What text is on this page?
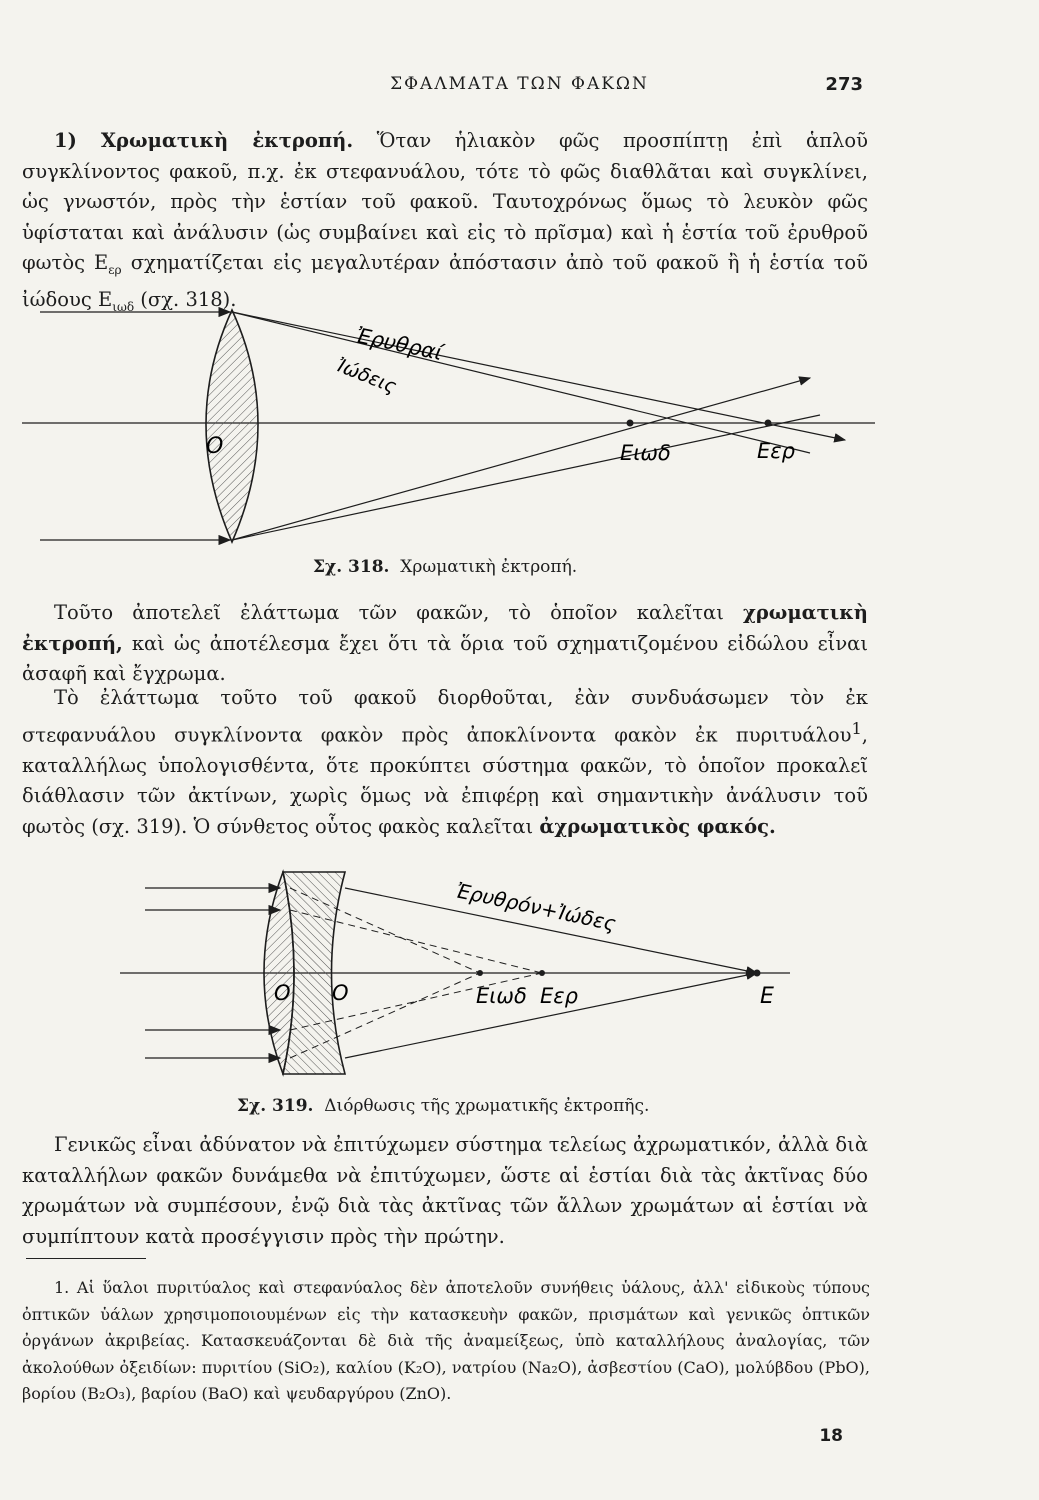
ΣΦΑΛΜΑΤΑ ΤΩΝ ΦΑΚΩΝ	273

1) Χρωματικὴ ἐκτροπή. Ὅταν ἡλιακὸν φῶς προσπίπτῃ ἐπὶ ἁπλοῦ συγκλίνοντος φακοῦ, π.χ. ἐκ στεφανυάλου, τότε τὸ φῶς διαθλᾶται καὶ συγκλίνει, ὡς γνωστόν, πρὸς τὴν ἑστίαν τοῦ φακοῦ. Ταυτοχρόνως ὅμως τὸ λευκὸν φῶς ὑφίσταται καὶ ἀνάλυσιν (ὡς συμβαίνει καὶ εἰς τὸ πρῖσμα) καὶ ἡ ἑστία τοῦ ἐρυθροῦ φωτὸς $E_{\varepsilon\rho}$ σχηματίζεται εἰς μεγαλυτέραν ἀπόστασιν ἀπὸ τοῦ φακοῦ ἢ ἡ ἑστία τοῦ ἰώδους $E_{\iota\omega\delta}$ (σχ. 318).

Ἐρυθραί
Ἰώδεις
O	Eιωδ	Eερ
Σχ. 318. Χρωματικὴ ἐκτροπή.

Τοῦτο ἀποτελεῖ ἐλάττωμα τῶν φακῶν, τὸ ὁποῖον καλεῖται χρωματικὴ ἐκτροπή, καὶ ὡς ἀποτέλεσμα ἔχει ὅτι τὰ ὅρια τοῦ σχηματιζομένου εἰδώλου εἶναι ἀσαφῆ καὶ ἔγχρωμα.

Τὸ ἐλάττωμα τοῦτο τοῦ φακοῦ διορθοῦται, ἐὰν συνδυάσωμεν τὸν ἐκ στεφανυάλου συγκλίνοντα φακὸν πρὸς ἀποκλίνοντα φακὸν ἐκ πυριτυάλου$^1$, καταλλήλως ὑπολογισθέντα, ὅτε προκύπτει σύστημα φακῶν, τὸ ὁποῖον προκαλεῖ διάθλασιν τῶν ἀκτίνων, χωρὶς ὅμως νὰ ἐπιφέρῃ καὶ σημαντικὴν ἀνάλυσιν τοῦ φωτὸς (σχ. 319). Ὁ σύνθετος οὗτος φακὸς καλεῖται ἀχρωματικὸς φακός.

Ἐρυθρόν+Ἰώδες
O O	Eιωδ Eερ	E
Σχ. 319. Διόρθωσις τῆς χρωματικῆς ἐκτροπῆς.

Γενικῶς εἶναι ἀδύνατον νὰ ἐπιτύχωμεν σύστημα τελείως ἀχρωματικόν, ἀλλὰ διὰ καταλλήλων φακῶν δυνάμεθα νὰ ἐπιτύχωμεν, ὥστε αἱ ἑστίαι διὰ τὰς ἀκτῖνας δύο χρωμάτων νὰ συμπέσουν, ἐνῷ διὰ τὰς ἀκτῖνας τῶν ἄλλων χρωμάτων αἱ ἑστίαι νὰ συμπίπτουν κατὰ προσέγγισιν πρὸς τὴν πρώτην.

1. Αἱ ὕαλοι πυριτύαλος καὶ στεφανύαλος δὲν ἀποτελοῦν συνήθεις ὑάλους, ἀλλ' εἰδικοὺς τύπους ὀπτικῶν ὑάλων χρησιμοποιουμένων εἰς τὴν κατασκευὴν φακῶν, πρισμάτων καὶ γενικῶς ὀπτικῶν ὀργάνων ἀκριβείας. Κατασκευάζονται δὲ διὰ τῆς ἀναμείξεως, ὑπὸ καταλλήλους ἀναλογίας, τῶν ἀκολούθων ὀξειδίων: πυριτίου (SiO₂), καλίου (K₂O), νατρίου (Na₂O), ἀσβεστίου (CaO), μολύβδου (PbO), βορίου (B₂O₃), βαρίου (BaO) καὶ ψευδαργύρου (ZnO).

18
